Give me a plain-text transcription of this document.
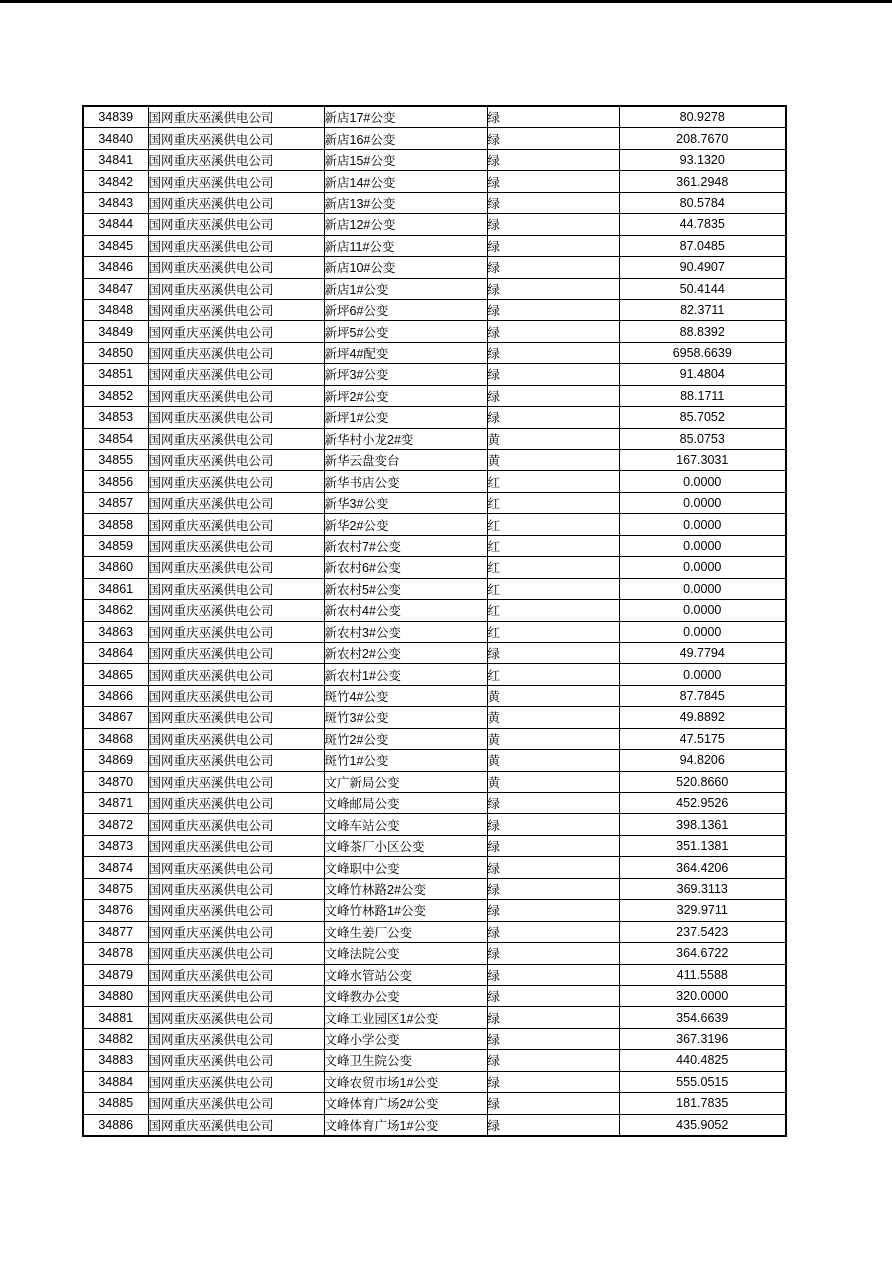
34839	国网重庆巫溪供电公司	新店17#公变	绿	80.9278
34840	国网重庆巫溪供电公司	新店16#公变	绿	208.7670
34841	国网重庆巫溪供电公司	新店15#公变	绿	93.1320
34842	国网重庆巫溪供电公司	新店14#公变	绿	361.2948
34843	国网重庆巫溪供电公司	新店13#公变	绿	80.5784
34844	国网重庆巫溪供电公司	新店12#公变	绿	44.7835
34845	国网重庆巫溪供电公司	新店11#公变	绿	87.0485
34846	国网重庆巫溪供电公司	新店10#公变	绿	90.4907
34847	国网重庆巫溪供电公司	新店1#公变	绿	50.4144
34848	国网重庆巫溪供电公司	新坪6#公变	绿	82.3711
34849	国网重庆巫溪供电公司	新坪5#公变	绿	88.8392
34850	国网重庆巫溪供电公司	新坪4#配变	绿	6958.6639
34851	国网重庆巫溪供电公司	新坪3#公变	绿	91.4804
34852	国网重庆巫溪供电公司	新坪2#公变	绿	88.1711
34853	国网重庆巫溪供电公司	新坪1#公变	绿	85.7052
34854	国网重庆巫溪供电公司	新华村小龙2#变	黄	85.0753
34855	国网重庆巫溪供电公司	新华云盘变台	黄	167.3031
34856	国网重庆巫溪供电公司	新华书店公变	红	0.0000
34857	国网重庆巫溪供电公司	新华3#公变	红	0.0000
34858	国网重庆巫溪供电公司	新华2#公变	红	0.0000
34859	国网重庆巫溪供电公司	新农村7#公变	红	0.0000
34860	国网重庆巫溪供电公司	新农村6#公变	红	0.0000
34861	国网重庆巫溪供电公司	新农村5#公变	红	0.0000
34862	国网重庆巫溪供电公司	新农村4#公变	红	0.0000
34863	国网重庆巫溪供电公司	新农村3#公变	红	0.0000
34864	国网重庆巫溪供电公司	新农村2#公变	绿	49.7794
34865	国网重庆巫溪供电公司	新农村1#公变	红	0.0000
34866	国网重庆巫溪供电公司	斑竹4#公变	黄	87.7845
34867	国网重庆巫溪供电公司	斑竹3#公变	黄	49.8892
34868	国网重庆巫溪供电公司	斑竹2#公变	黄	47.5175
34869	国网重庆巫溪供电公司	斑竹1#公变	黄	94.8206
34870	国网重庆巫溪供电公司	文广新局公变	黄	520.8660
34871	国网重庆巫溪供电公司	文峰邮局公变	绿	452.9526
34872	国网重庆巫溪供电公司	文峰车站公变	绿	398.1361
34873	国网重庆巫溪供电公司	文峰茶厂小区公变	绿	351.1381
34874	国网重庆巫溪供电公司	文峰职中公变	绿	364.4206
34875	国网重庆巫溪供电公司	文峰竹林路2#公变	绿	369.3113
34876	国网重庆巫溪供电公司	文峰竹林路1#公变	绿	329.9711
34877	国网重庆巫溪供电公司	文峰生姜厂公变	绿	237.5423
34878	国网重庆巫溪供电公司	文峰法院公变	绿	364.6722
34879	国网重庆巫溪供电公司	文峰水管站公变	绿	411.5588
34880	国网重庆巫溪供电公司	文峰教办公变	绿	320.0000
34881	国网重庆巫溪供电公司	文峰工业园区1#公变	绿	354.6639
34882	国网重庆巫溪供电公司	文峰小学公变	绿	367.3196
34883	国网重庆巫溪供电公司	文峰卫生院公变	绿	440.4825
34884	国网重庆巫溪供电公司	文峰农贸市场1#公变	绿	555.0515
34885	国网重庆巫溪供电公司	文峰体育广场2#公变	绿	181.7835
34886	国网重庆巫溪供电公司	文峰体育广场1#公变	绿	435.9052
